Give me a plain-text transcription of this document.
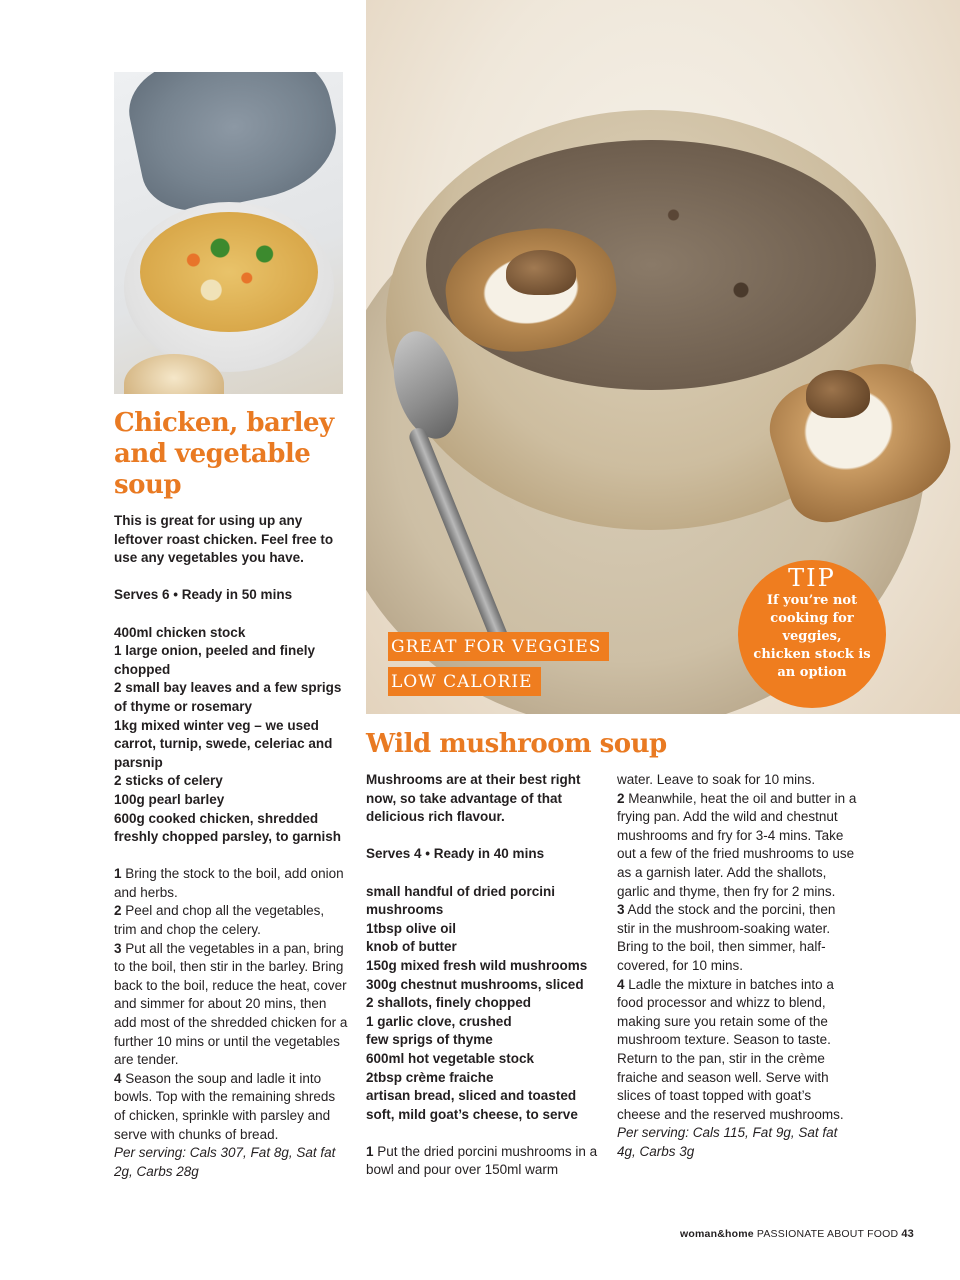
GREAT FOR VEGGIES
LOW CALORIE
TIP
If you’re not cooking for veggies, chicken stock is an option
Chicken, barley and vegetable soup

This is great for using up any leftover roast chicken. Feel free to use any vegetables you have.

Serves 6 • Ready in 50 mins

400ml chicken stock

1 large onion, peeled and finely chopped

2 small bay leaves and a few sprigs of thyme or rosemary

1kg mixed winter veg – we used carrot, turnip, swede, celeriac and parsnip

2 sticks of celery

100g pearl barley

600g cooked chicken, shredded

freshly chopped parsley, to garnish

1 Bring the stock to the boil, add onion and herbs.

2 Peel and chop all the vegetables, trim and chop the celery.

3 Put all the vegetables in a pan, bring to the boil, then stir in the barley. Bring back to the boil, reduce the heat, cover and simmer for about 20 mins, then add most of the shredded chicken for a further 10 mins or until the vegetables are tender.

4 Season the soup and ladle it into bowls. Top with the remaining shreds of chicken, sprinkle with parsley and serve with chunks of bread.

Per serving: Cals 307, Fat 8g, Sat fat 2g, Carbs 28g

Wild mushroom soup

Mushrooms are at their best right now, so take advantage of that delicious rich flavour.

Serves 4 • Ready in 40 mins

small handful of dried porcini mushrooms

1tbsp olive oil

knob of butter

150g mixed fresh wild mushrooms

300g chestnut mushrooms, sliced

2 shallots, finely chopped

1 garlic clove, crushed

few sprigs of thyme

600ml hot vegetable stock

2tbsp crème fraiche

artisan bread, sliced and toasted

soft, mild goat’s cheese, to serve

1 Put the dried porcini mushrooms in a bowl and pour over 150ml warm

water. Leave to soak for 10 mins.

2 Meanwhile, heat the oil and butter in a frying pan. Add the wild and chestnut mushrooms and fry for 3-4 mins. Take out a few of the fried mushrooms to use as a garnish later. Add the shallots, garlic and thyme, then fry for 2 mins.

3 Add the stock and the porcini, then stir in the mushroom-soaking water. Bring to the boil, then simmer, half-covered, for 10 mins.

4 Ladle the mixture in batches into a food processor and whizz to blend, making sure you retain some of the mushroom texture. Season to taste. Return to the pan, stir in the crème fraiche and season well. Serve with slices of toast topped with goat’s cheese and the reserved mushrooms.

Per serving: Cals 115, Fat 9g, Sat fat 4g, Carbs 3g

woman&home PASSIONATE ABOUT FOOD 43
